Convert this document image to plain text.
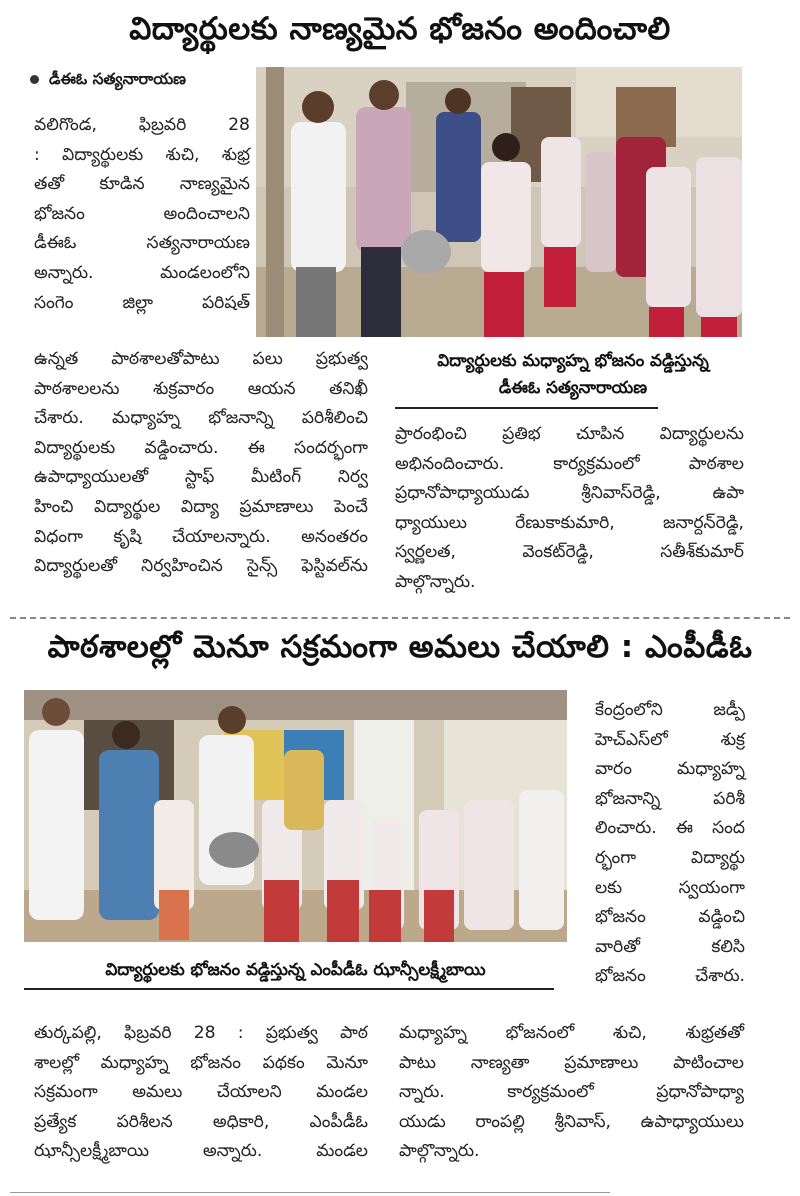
విద్యార్థులకు నాణ్యమైన భోజనం అందించాలి
డీఈఓ సత్యనారాయణ
వలిగొండ, ఫిబ్రవరి 28
: విద్యార్థులకు శుచి, శుభ్ర
తతో కూడిన నాణ్యమైన
భోజనం అందించాలని
డీఈఓ సత్యనారాయణ
అన్నారు. మండలంలోని
సంగెం జిల్లా పరిషత్
ఉన్నత పాఠశాలతోపాటు పలు ప్రభుత్వ
పాఠశాలలను శుక్రవారం ఆయన తనిఖీ
చేశారు. మధ్యాహ్న భోజనాన్ని పరిశీలించి
విద్యార్థులకు వడ్డించారు. ఈ సందర్భంగా
ఉపాధ్యాయులతో స్టాఫ్ మీటింగ్ నిర్వ
హించి విద్యార్థుల విద్యా ప్రమాణాలు పెంచే
విధంగా కృషి చేయాలన్నారు. అనంతరం
విద్యార్థులతో నిర్వహించిన సైన్స్ ఫెస్టివల్‌ను
విద్యార్థులకు మధ్యాహ్న భోజనం వడ్డిస్తున్న
డీఈఓ సత్యనారాయణ
ప్రారంభించి ప్రతిభ చూపిన విద్యార్థులను
అభినందించారు. కార్యక్రమంలో పాఠశాల
ప్రధానోపాధ్యాయుడు శ్రీనివాస్‌రెడ్డి, ఉపా
ధ్యాయులు రేణుకాకుమారి, జనార్దన్‌రెడ్డి,
స్వర్ణలత, వెంకట్‌రెడ్డి, సతీశ్‌కుమార్
పాల్గొన్నారు.
పాఠశాలల్లో మెనూ సక్రమంగా అమలు చేయాలి : ఎంపీడీఓ
విద్యార్థులకు భోజనం వడ్డిస్తున్న ఎంపీడీఓ ఝాన్సీలక్ష్మీబాయి
కేంద్రంలోని జడ్పీ
హెచ్‌ఎస్‌లో శుక్ర
వారం మధ్యాహ్న
భోజనాన్ని పరిశీ
లించారు. ఈ సంద
ర్భంగా విద్యార్థు
లకు స్వయంగా
భోజనం వడ్డించి
వారితో కలిసి
భోజనం చేశారు.
తుర్కపల్లి, ఫిబ్రవరి 28 : ప్రభుత్వ పాఠ
శాలల్లో మధ్యాహ్న భోజనం పథకం మెనూ
సక్రమంగా అమలు చేయాలని మండల
ప్రత్యేక పరిశీలన అధికారి, ఎంపీడీఓ
ఝాన్సీలక్ష్మీబాయి అన్నారు. మండల
మధ్యాహ్న భోజనంలో శుచి, శుభ్రతతో
పాటు నాణ్యతా ప్రమాణాలు పాటించాల
న్నారు. కార్యక్రమంలో ప్రధానోపాధ్యా
యుడు రాంపల్లి శ్రీనివాస్, ఉపాధ్యాయులు
పాల్గొన్నారు.
